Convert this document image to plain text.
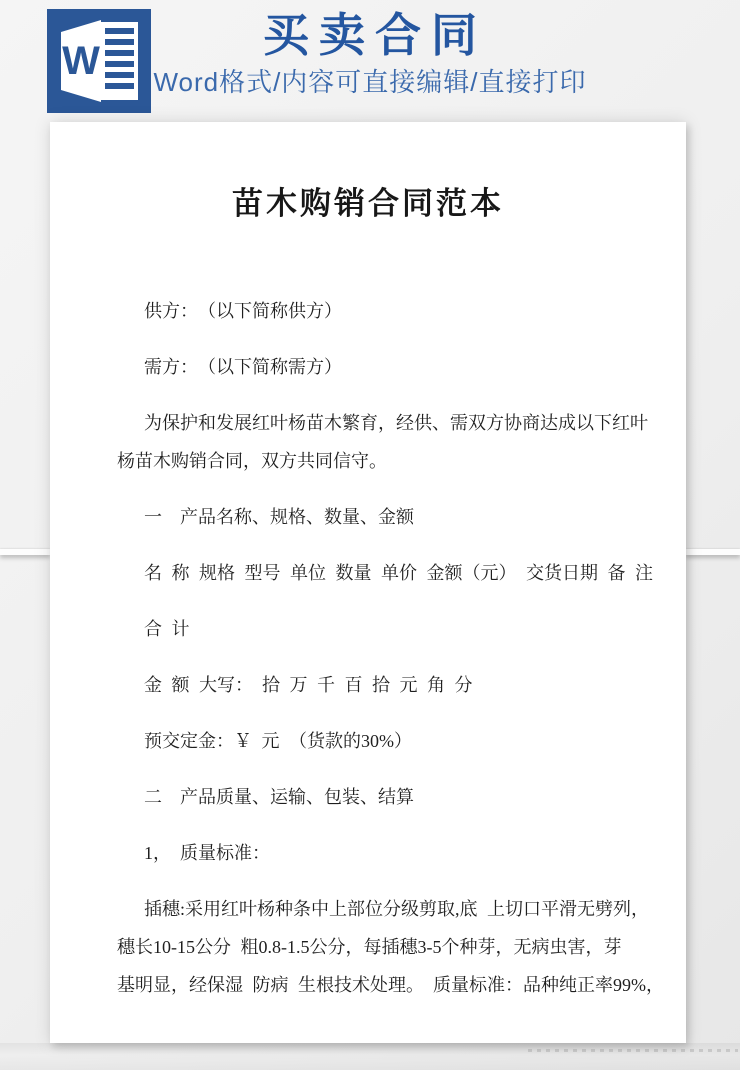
W	买卖合同
Word格式/内容可直接编辑/直接打印
苗木购销合同范本

供方：　（以下简称供方）

需方：　（以下简称需方）

为保护和发展红叶杨苗木繁育，经供、需双方协商达成以下红叶
杨苗木购销合同，双方共同信守。

一　产品名称、规格、数量、金额

名 称 规格 型号 单位 数量 单价 金额（元） 交货日期 备 注

合 计

金 额 大写：　拾 万 千 百 拾 元 角 分

预交定金：￥ 元 （货款的30%）

二　产品质量、运输、包装、结算

1，　质量标准：

插穗:采用红叶杨种条中上部位分级剪取,底 上切口平滑无劈列，
穗长10-15公分 粗0.8-1.5公分，每插穗3-5个种芽，无病虫害，芽
基明显，经保湿 防病 生根技术处理。　质量标准：品种纯正率99%，
